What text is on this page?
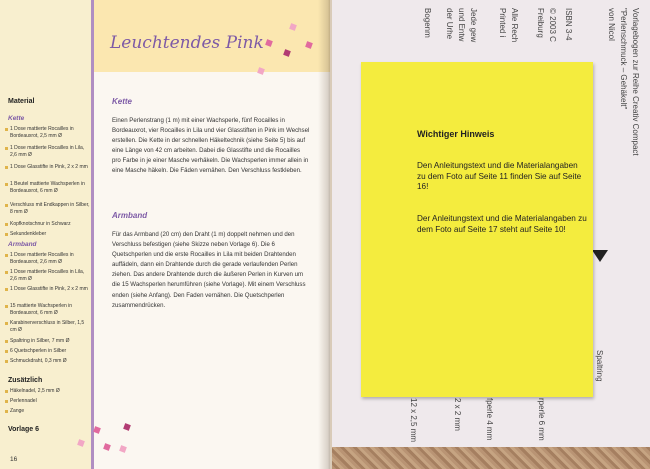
Leuchtendes Pink
Material
Kette
1 Dose mattierte Rocailles in Bordeauxrot, 2,5 mm Ø
1 Dose mattierte Rocailles in Lila, 2,6 mm Ø
1 Dose Glasstifte in Pink, 2 x 2 mm
1 Beutel mattierte Wachsperlen in Bordeauxrot, 6 mm Ø
Verschluss mit Endkappen in Silber, 8 mm Ø
Kopfknotschnur in Schwarz
Sekundenkleber
Armband
1 Dose mattierte Rocailles in Bordeauxrot, 2,6 mm Ø
1 Dose mattierte Rocailles in Lila, 2,6 mm Ø
1 Dose Glasstifte in Pink, 2 x 2 mm
15 mattierte Wachsperlen in Bordeauxrot, 6 mm Ø
Karabinerverschluss in Silber, 1,5 cm Ø
Spaltring in Silber, 7 mm Ø
6 Quetschperlen in Silber
Schmuckdraht, 0,3 mm Ø
Zusätzlich
Häkelnadel, 2,5 mm Ø
Perlennadel
Zange
Vorlage 6
Kette
Einen Perlenstrang (1 m) mit einer Wachsperle, fünf Rocailles in Bordeauxrot, vier Rocailles in Lila und vier Glasstiften in Pink im Wechsel erstellen. Die Kette in der schnellen Häkeltechnik (siehe Seite 5) bis auf eine Länge von 42 cm arbeiten. Dabei die Glasstifte und die Rocailles pro Farbe in je einer Masche verhäkeln. Die Wachsperlen immer allein in eine Masche häkeln. Die Fäden vernähen. Den Verschluss festkleben.
Armband
Für das Armband (20 cm) den Draht (1 m) doppelt nehmen und den Verschluss befestigen (siehe Skizze neben Vorlage 6). Die 6 Quetschperlen und die erste Rocailles in Lila mit beiden Drahtenden auffädeln, dann ein Drahtende durch die gerade verlaufenden Perlen ziehen. Das andere Drahtende durch die äußeren Perlen in Kurven um die 15 Wachsperlen herumführen (siehe Vorlage). Mit einem Verschluss enden (siehe Anfang). Den Faden vernähen. Die Quetschperlen zusammendrücken.
16
Vorlagebogen zur Reihe Creativ Compact
"Perlenschmuck – Gehäkelt"
von Nicol
ISBN 3-4
© 2003 C
Freiburg
Alle Rech
Printed i
Jede gew
und Entw
der Urhe
Bogenm
12 x 2,5 mm	2 x 2 mm	fperle 4 mm	rperle 6 mm
Spaltring
Wichtiger Hinweis
Den Anleitungstext und die Materialangaben zu dem Foto auf Seite 11 finden Sie auf Seite 16!
Der Anleitungstext und die Materialangaben zu dem Foto auf Seite 17 steht auf Seite 10!
